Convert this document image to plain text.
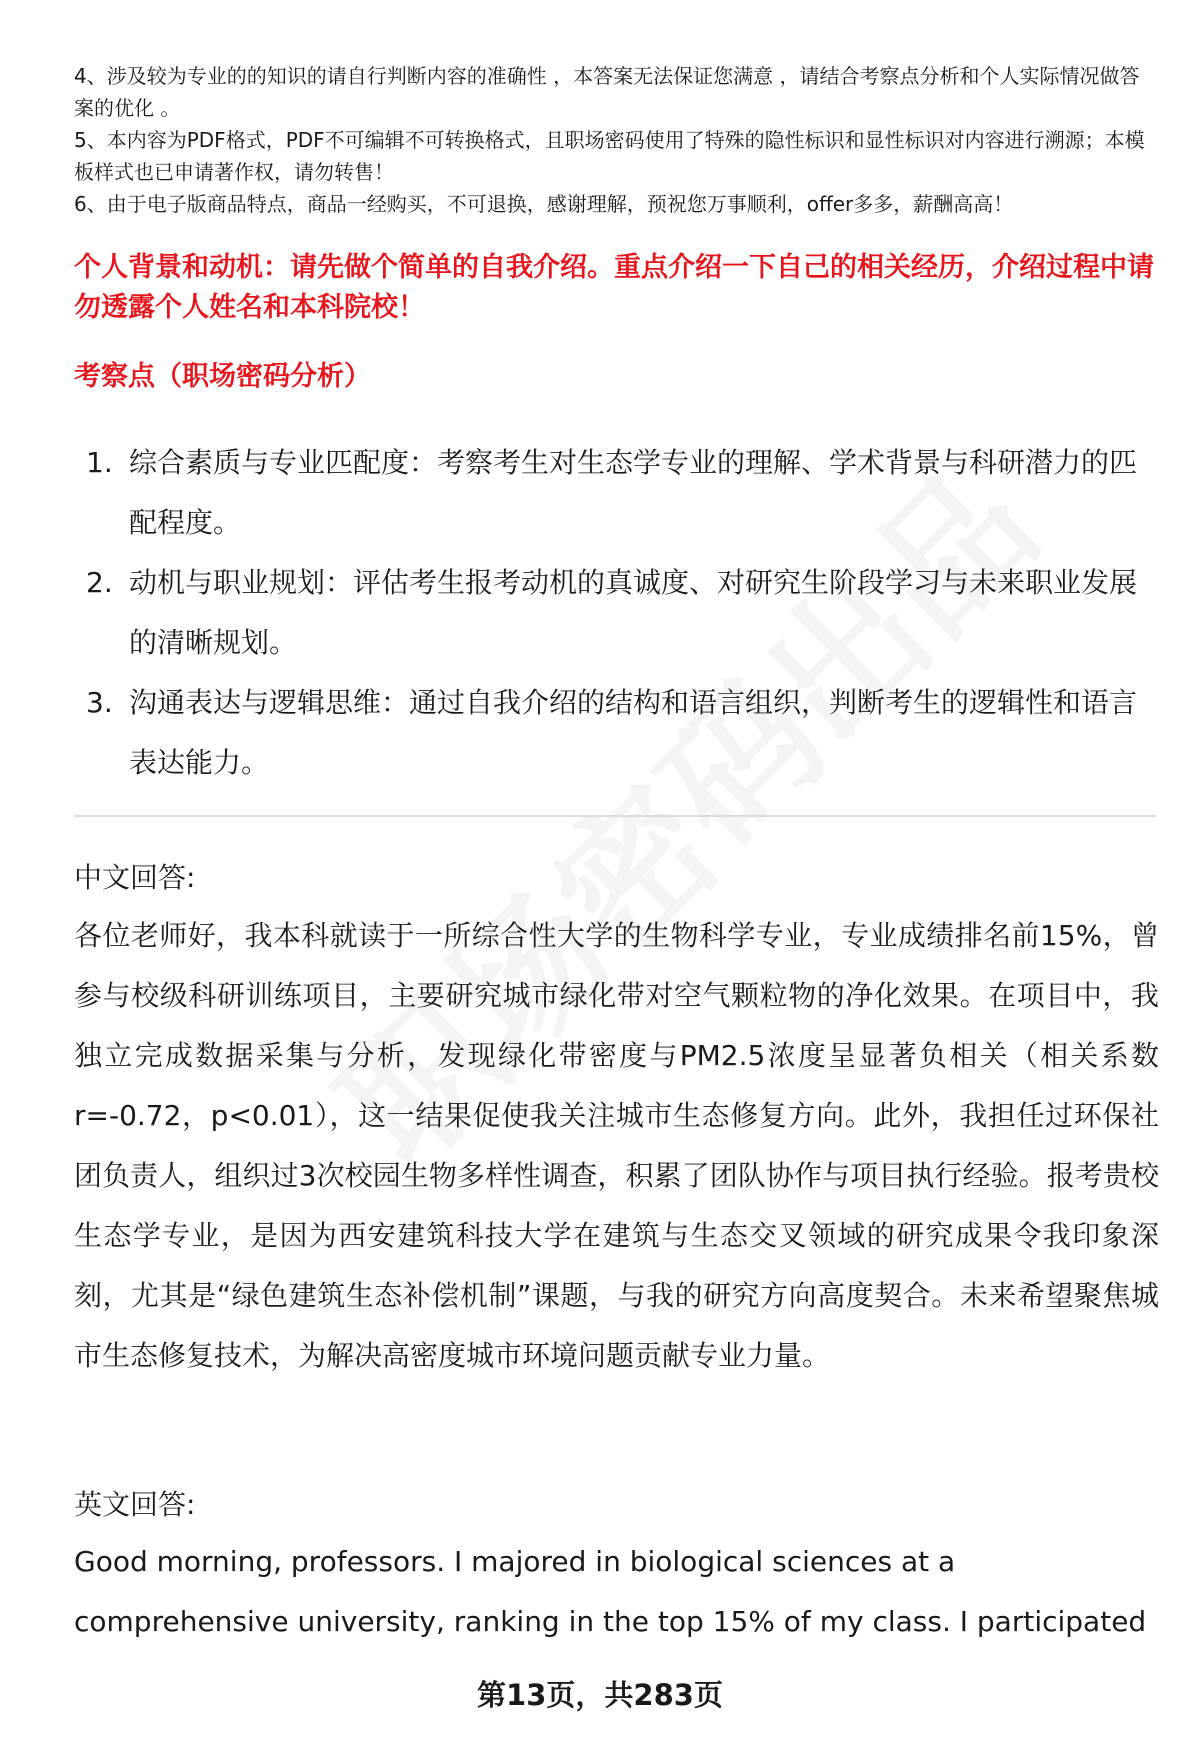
4、涉及较为专业的的知识的请自行判断内容的准确性 ，本答案无法保证您满意 ，请结合考察点分析和个人实际情况做答案的优化 。

5、本内容为PDF格式，PDF不可编辑不可转换格式，且职场密码使用了特殊的隐性标识和显性标识对内容进行溯源；本模板样式也已申请著作权，请勿转售！

6、由于电子版商品特点，商品一经购买，不可退换，感谢理解，预祝您万事顺利，offer多多，薪酬高高！

个人背景和动机：请先做个简单的自我介绍。重点介绍一下自己的相关经历，介绍过程中请勿透露个人姓名和本科院校！

考察点（职场密码分析）

1. 综合素质与专业匹配度：考察考生对生态学专业的理解、学术背景与科研潜力的匹配程度。
2. 动机与职业规划：评估考生报考动机的真诚度、对研究生阶段学习与未来职业发展的清晰规划。
3. 沟通表达与逻辑思维：通过自我介绍的结构和语言组织，判断考生的逻辑性和语言表达能力。

中文回答:

各位老师好，我本科就读于一所综合性大学的生物科学专业，专业成绩排名前15%，曾参与校级科研训练项目，主要研究城市绿化带对空气颗粒物的净化效果。在项目中，我独立完成数据采集与分析，发现绿化带密度与PM2.5浓度呈显著负相关（相关系数r=-0.72，p<0.01），这一结果促使我关注城市生态修复方向。此外，我担任过环保社团负责人，组织过3次校园生物多样性调查，积累了团队协作与项目执行经验。报考贵校生态学专业，是因为西安建筑科技大学在建筑与生态交叉领域的研究成果令我印象深刻，尤其是“绿色建筑生态补偿机制”课题，与我的研究方向高度契合。未来希望聚焦城市生态修复技术，为解决高密度城市环境问题贡献专业力量。

英文回答:

Good morning, professors. I majored in biological sciences at a comprehensive university, ranking in the top 15% of my class. I participated

第13页，共283页
